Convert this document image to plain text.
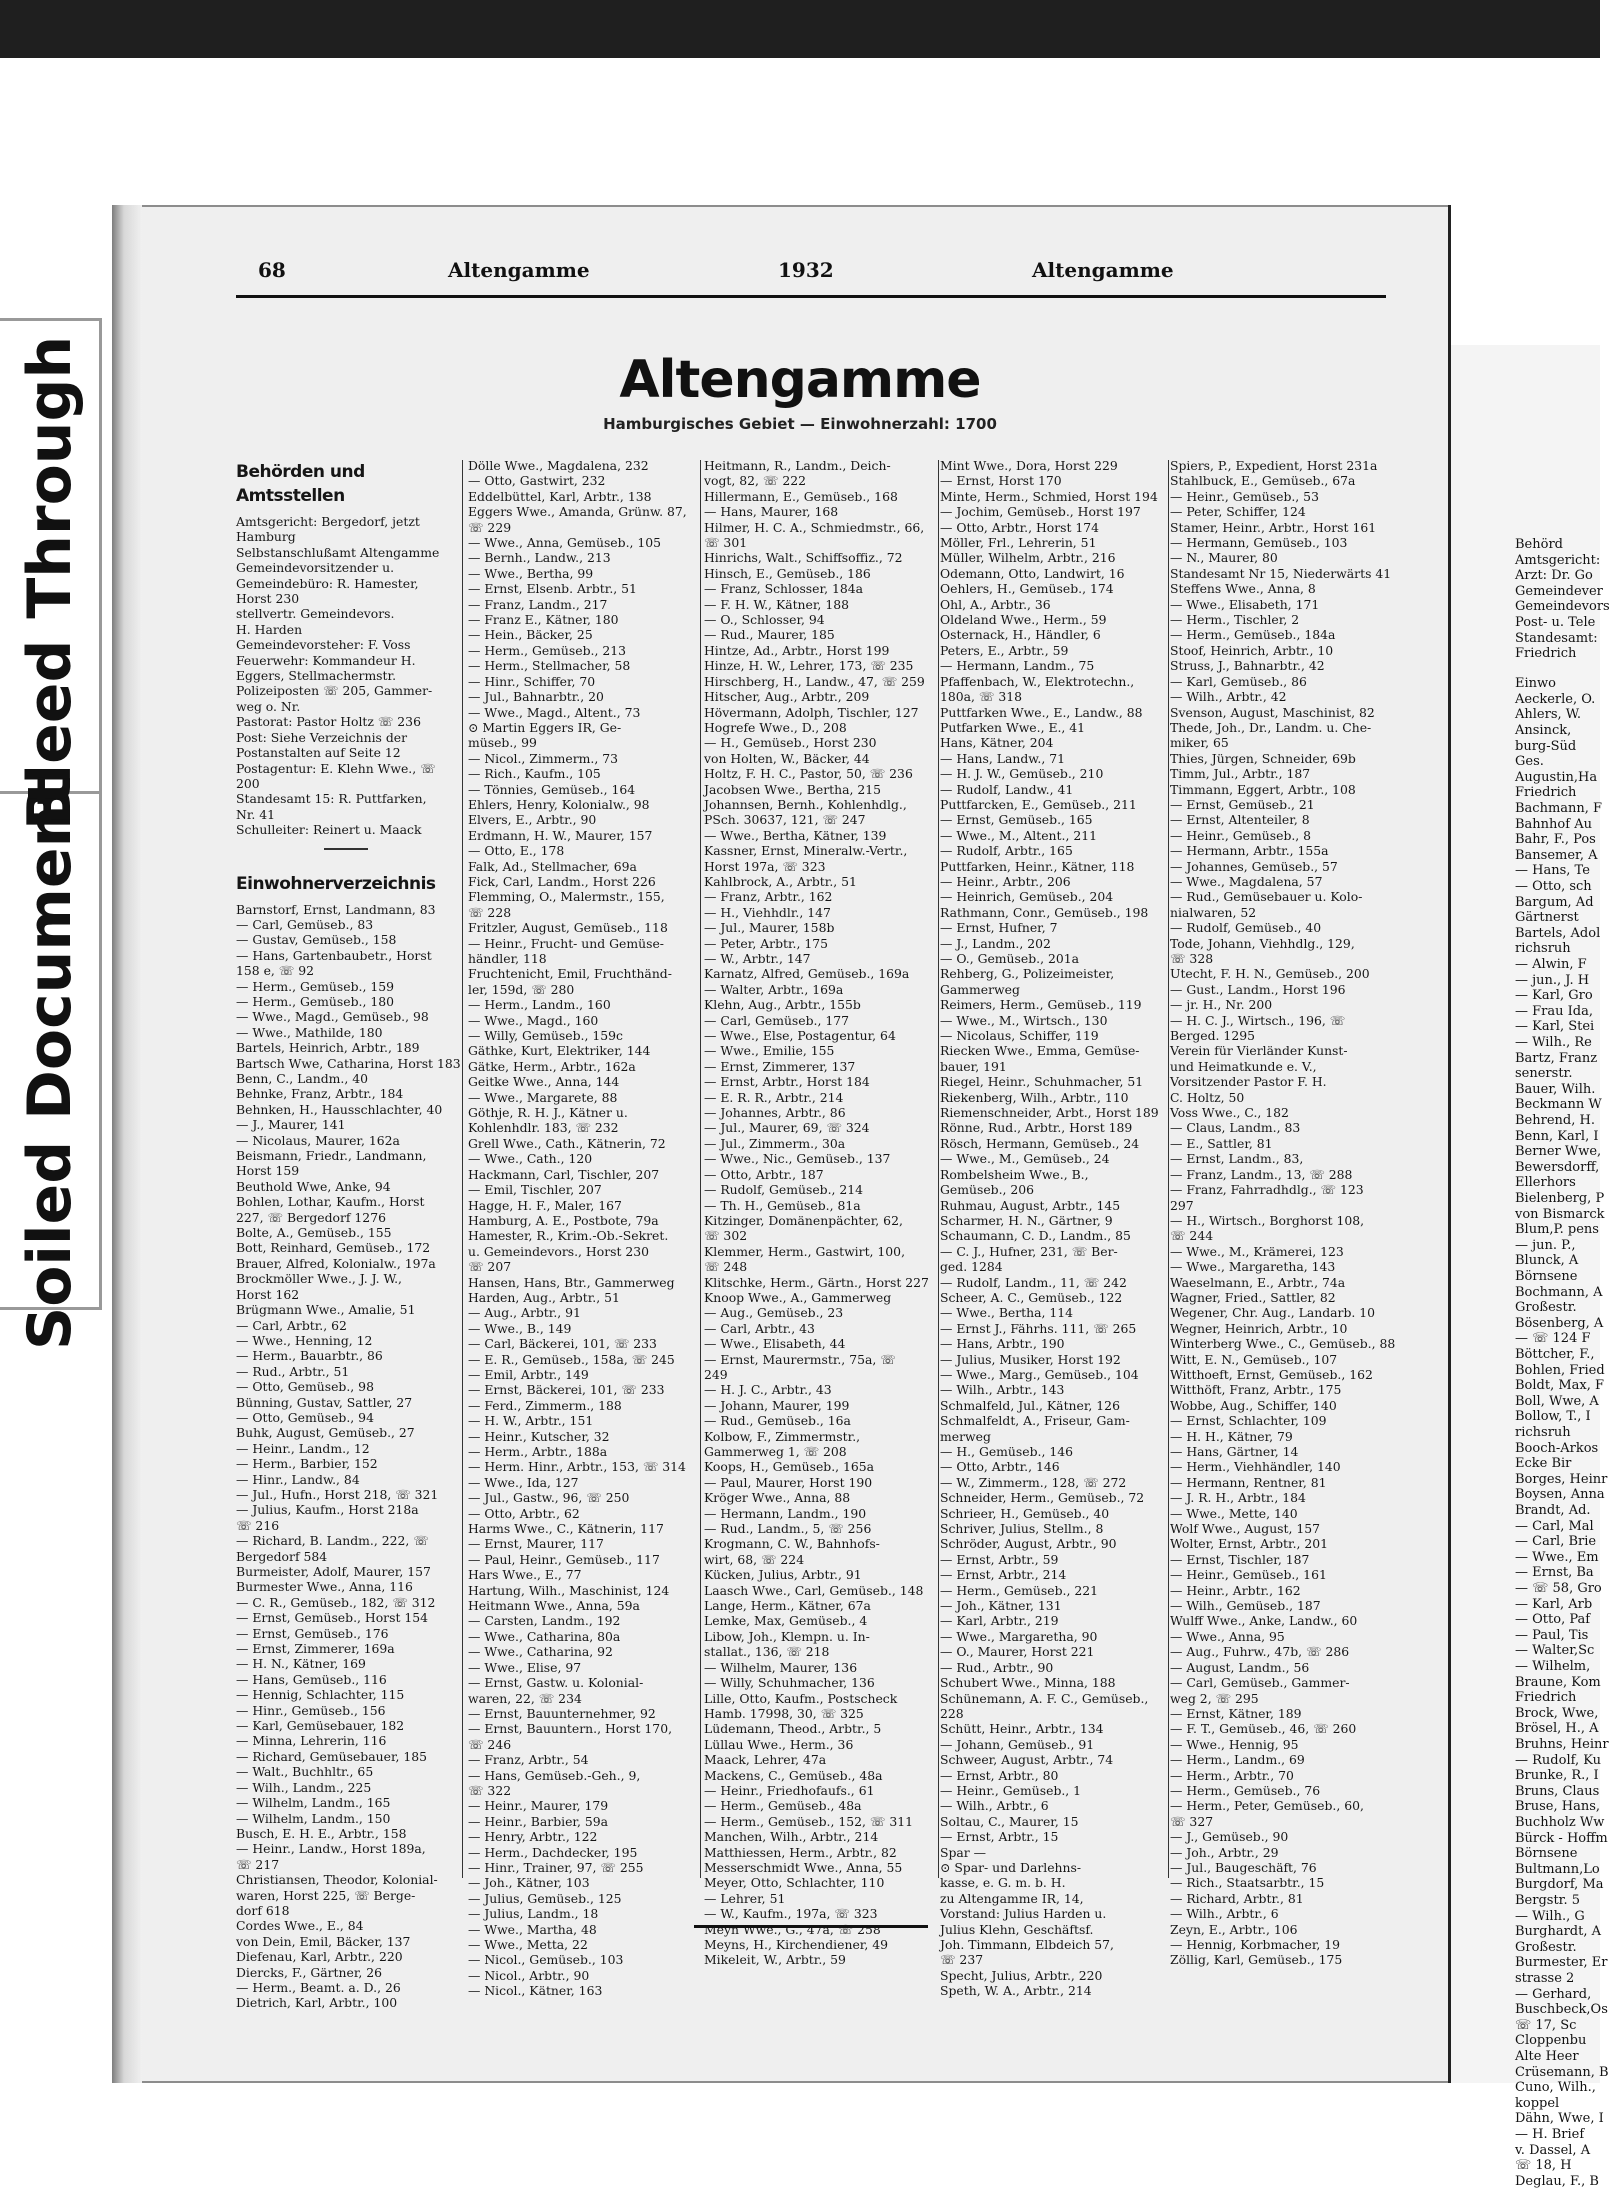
Bleed Through
Soiled Document
Behörd
Amtsgericht:
Arzt: Dr. Go
Gemeindever
Gemeindevors
Post- u. Tele
Standesamt:
Friedrich
Einwo
Aeckerle, O.
Ahlers, W.
Ansinck,
burg-Süd
Ges.
Augustin,Ha
Friedrich
Bachmann, F
Bahnhof Au
Bahr, F., Pos
Bansemer, A
— Hans, Te
— Otto, sch
Bargum, Ad
Gärtnerst
Bartels, Adol
richsruh
— Alwin, F
— jun., J. H
— Karl, Gro
— Frau Ida,
— Karl, Stei
— Wilh., Re
Bartz, Franz
senerstr.
Bauer, Wilh.
Beckmann W
Behrend, H.
Benn, Karl, I
Berner Wwe,
Bewersdorff,
Ellerhors
Bielenberg, P
von Bismarck
Blum,P. pens
— jun. P.,
Blunck, A
Börnsene
Bochmann, A
Großestr.
Bösenberg, A
— ☏ 124 F
Böttcher, F.,
Bohlen, Fried
Boldt, Max, F
Boll, Wwe, A
Bollow, T., I
richsruh
Booch-Arkos
Ecke Bir
Borges, Heinr
Boysen, Anna
Brandt, Ad.
— Carl, Mal
— Carl, Brie
— Wwe., Em
— Ernst, Ba
— ☏ 58, Gro
— Karl, Arb
— Otto, Paf
— Paul, Tis
— Walter,Sc
— Wilhelm,
Braune, Kom
Friedrich
Brock, Wwe,
Brösel, H., A
Bruhns, Heinr
— Rudolf, Ku
Brunke, R., I
Bruns, Claus
Bruse, Hans,
Buchholz Ww
Bürck - Hoffm
Börnsene
Bultmann,Lo
Burgdorf, Ma
Bergstr. 5
— Wilh., G
Burghardt, A
Großestr.
Burmester, Er
strasse 2
— Gerhard,
Buschbeck,Os
☏ 17, Sc
Cloppenbu
Alte Heer
Crüsemann, B
Cuno, Wilh.,
koppel
Dähn, Wwe, I
— H. Brief
v. Dassel, A
☏ 18, H
Deglau, F., B
68	Altengamme	1932	Altengamme
Altengamme
Hamburgisches Gebiet — Einwohnerzahl: 1700
Behörden und Amtsstellen
Amtsgericht: Bergedorf, jetzt
Hamburg
Selbstanschlußamt Altengamme
Gemeindevorsitzender u.
Gemeindebüro: R. Hamester,
Horst 230
stellvertr. Gemeindevors.
H. Harden
Gemeindevorsteher: F. Voss
Feuerwehr: Kommandeur H.
Eggers, Stellmachermstr.
Polizeiposten ☏ 205, Gammer-
weg o. Nr.
Pastorat: Pastor Holtz ☏ 236
Post: Siehe Verzeichnis der
Postanstalten auf Seite 12
Postagentur: E. Klehn Wwe., ☏
200
Standesamt 15: R. Puttfarken,
Nr. 41
Schulleiter: Reinert u. Maack
Einwohnerverzeichnis
Barnstorf, Ernst, Landmann, 83
— Carl, Gemüseb., 83
— Gustav, Gemüseb., 158
— Hans, Gartenbaubetr., Horst
158 e, ☏ 92
— Herm., Gemüseb., 159
— Herm., Gemüseb., 180
— Wwe., Magd., Gemüseb., 98
— Wwe., Mathilde, 180
Bartels, Heinrich, Arbtr., 189
Bartsch Wwe, Catharina, Horst 183
Benn, C., Landm., 40
Behnke, Franz, Arbtr., 184
Behnken, H., Hausschlachter, 40
— J., Maurer, 141
— Nicolaus, Maurer, 162a
Beismann, Friedr., Landmann,
Horst 159
Beuthold Wwe, Anke, 94
Bohlen, Lothar, Kaufm., Horst
227, ☏ Bergedorf 1276
Bolte, A., Gemüseb., 155
Bott, Reinhard, Gemüseb., 172
Brauer, Alfred, Kolonialw., 197a
Brockmöller Wwe., J. J. W.,
Horst 162
Brügmann Wwe., Amalie, 51
— Carl, Arbtr., 62
— Wwe., Henning, 12
— Herm., Bauarbtr., 86
— Rud., Arbtr., 51
— Otto, Gemüseb., 98
Bünning, Gustav, Sattler, 27
— Otto, Gemüseb., 94
Buhk, August, Gemüseb., 27
— Heinr., Landm., 12
— Herm., Barbier, 152
— Hinr., Landw., 84
— Jul., Hufn., Horst 218, ☏ 321
— Julius, Kaufm., Horst 218a
☏ 216
— Richard, B. Landm., 222, ☏
Bergedorf 584
Burmeister, Adolf, Maurer, 157
Burmester Wwe., Anna, 116
— C. R., Gemüseb., 182, ☏ 312
— Ernst, Gemüseb., Horst 154
— Ernst, Gemüseb., 176
— Ernst, Zimmerer, 169a
— H. N., Kätner, 169
— Hans, Gemüseb., 116
— Hennig, Schlachter, 115
— Hinr., Gemüseb., 156
— Karl, Gemüsebauer, 182
— Minna, Lehrerin, 116
— Richard, Gemüsebauer, 185
— Walt., Buchhltr., 65
— Wilh., Landm., 225
— Wilhelm, Landm., 165
— Wilhelm, Landm., 150
Busch, E. H. E., Arbtr., 158
— Heinr., Landw., Horst 189a,
☏ 217
Christiansen, Theodor, Kolonial-
waren, Horst 225, ☏ Berge-
dorf 618
Cordes Wwe., E., 84
von Dein, Emil, Bäcker, 137
Diefenau, Karl, Arbtr., 220
Diercks, F., Gärtner, 26
— Herm., Beamt. a. D., 26
Dietrich, Karl, Arbtr., 100
Dölle Wwe., Magdalena, 232
— Otto, Gastwirt, 232
Eddelbüttel, Karl, Arbtr., 138
Eggers Wwe., Amanda, Grünw. 87,
☏ 229
— Wwe., Anna, Gemüseb., 105
— Bernh., Landw., 213
— Wwe., Bertha, 99
— Ernst, Elsenb. Arbtr., 51
— Franz, Landm., 217
— Franz E., Kätner, 180
— Hein., Bäcker, 25
— Herm., Gemüseb., 213
— Herm., Stellmacher, 58
— Hinr., Schiffer, 70
— Jul., Bahnarbtr., 20
— Wwe., Magd., Altent., 73
⊙ Martin Eggers IR, Ge-
müseb., 99
— Nicol., Zimmerm., 73
— Rich., Kaufm., 105
— Tönnies, Gemüseb., 164
Ehlers, Henry, Kolonialw., 98
Elvers, E., Arbtr., 90
Erdmann, H. W., Maurer, 157
— Otto, E., 178
Falk, Ad., Stellmacher, 69a
Fick, Carl, Landm., Horst 226
Flemming, O., Malermstr., 155,
☏ 228
Fritzler, August, Gemüseb., 118
— Heinr., Frucht- und Gemüse-
händler, 118
Fruchtenicht, Emil, Fruchthänd-
ler, 159d, ☏ 280
— Herm., Landm., 160
— Wwe., Magd., 160
— Willy, Gemüseb., 159c
Gäthke, Kurt, Elektriker, 144
Gätke, Herm., Arbtr., 162a
Geitke Wwe., Anna, 144
— Wwe., Margarete, 88
Göthje, R. H. J., Kätner u.
Kohlenhdlr. 183, ☏ 232
Grell Wwe., Cath., Kätnerin, 72
— Wwe., Cath., 120
Hackmann, Carl, Tischler, 207
— Emil, Tischler, 207
Hagge, H. F., Maler, 167
Hamburg, A. E., Postbote, 79a
Hamester, R., Krim.-Ob.-Sekret.
u. Gemeindevors., Horst 230
☏ 207
Hansen, Hans, Btr., Gammerweg
Harden, Aug., Arbtr., 51
— Aug., Arbtr., 91
— Wwe., B., 149
— Carl, Bäckerei, 101, ☏ 233
— E. R., Gemüseb., 158a, ☏ 245
— Emil, Arbtr., 149
— Ernst, Bäckerei, 101, ☏ 233
— Ferd., Zimmerm., 188
— H. W., Arbtr., 151
— Heinr., Kutscher, 32
— Herm., Arbtr., 188a
— Herm. Hinr., Arbtr., 153, ☏ 314
— Wwe., Ida, 127
— Jul., Gastw., 96, ☏ 250
— Otto, Arbtr., 62
Harms Wwe., C., Kätnerin, 117
— Ernst, Maurer, 117
— Paul, Heinr., Gemüseb., 117
Hars Wwe., E., 77
Hartung, Wilh., Maschinist, 124
Heitmann Wwe., Anna, 59a
— Carsten, Landm., 192
— Wwe., Catharina, 80a
— Wwe., Catharina, 92
— Wwe., Elise, 97
— Ernst, Gastw. u. Kolonial-
waren, 22, ☏ 234
— Ernst, Bauunternehmer, 92
— Ernst, Bauuntern., Horst 170,
☏ 246
— Franz, Arbtr., 54
— Hans, Gemüseb.-Geh., 9,
☏ 322
— Heinr., Maurer, 179
— Heinr., Barbier, 59a
— Henry, Arbtr., 122
— Herm., Dachdecker, 195
— Hinr., Trainer, 97, ☏ 255
— Joh., Kätner, 103
— Julius, Gemüseb., 125
— Julius, Landm., 18
— Wwe., Martha, 48
— Wwe., Metta, 22
— Nicol., Gemüseb., 103
— Nicol., Arbtr., 90
— Nicol., Kätner, 163
Heitmann, R., Landm., Deich-
vogt, 82, ☏ 222
Hillermann, E., Gemüseb., 168
— Hans, Maurer, 168
Hilmer, H. C. A., Schmiedmstr., 66,
☏ 301
Hinrichs, Walt., Schiffsoffiz., 72
Hinsch, E., Gemüseb., 186
— Franz, Schlosser, 184a
— F. H. W., Kätner, 188
— O., Schlosser, 94
— Rud., Maurer, 185
Hintze, Ad., Arbtr., Horst 199
Hinze, H. W., Lehrer, 173, ☏ 235
Hirschberg, H., Landw., 47, ☏ 259
Hitscher, Aug., Arbtr., 209
Hövermann, Adolph, Tischler, 127
Hogrefe Wwe., D., 208
— H., Gemüseb., Horst 230
von Holten, W., Bäcker, 44
Holtz, F. H. C., Pastor, 50, ☏ 236
Jacobsen Wwe., Bertha, 215
Johannsen, Bernh., Kohlenhdlg.,
PSch. 30637, 121, ☏ 247
— Wwe., Bertha, Kätner, 139
Kassner, Ernst, Mineralw.-Vertr.,
Horst 197a, ☏ 323
Kahlbrock, A., Arbtr., 51
— Franz, Arbtr., 162
— H., Viehhdlr., 147
— Jul., Maurer, 158b
— Peter, Arbtr., 175
— W., Arbtr., 147
Karnatz, Alfred, Gemüseb., 169a
— Walter, Arbtr., 169a
Klehn, Aug., Arbtr., 155b
— Carl, Gemüseb., 177
— Wwe., Else, Postagentur, 64
— Wwe., Emilie, 155
— Ernst, Zimmerer, 137
— Ernst, Arbtr., Horst 184
— E. R. R., Arbtr., 214
— Johannes, Arbtr., 86
— Jul., Maurer, 69, ☏ 324
— Jul., Zimmerm., 30a
— Wwe., Nic., Gemüseb., 137
— Otto, Arbtr., 187
— Rudolf, Gemüseb., 214
— Th. H., Gemüseb., 81a
Kitzinger, Domänenpächter, 62,
☏ 302
Klemmer, Herm., Gastwirt, 100,
☏ 248
Klitschke, Herm., Gärtn., Horst 227
Knoop Wwe., A., Gammerweg
— Aug., Gemüseb., 23
— Carl, Arbtr., 43
— Wwe., Elisabeth, 44
— Ernst, Maurermstr., 75a, ☏
249
— H. J. C., Arbtr., 43
— Johann, Maurer, 199
— Rud., Gemüseb., 16a
Kolbow, F., Zimmermstr.,
Gammerweg 1, ☏ 208
Koops, H., Gemüseb., 165a
— Paul, Maurer, Horst 190
Kröger Wwe., Anna, 88
— Hermann, Landm., 190
— Rud., Landm., 5, ☏ 256
Krogmann, C. W., Bahnhofs-
wirt, 68, ☏ 224
Kücken, Julius, Arbtr., 91
Laasch Wwe., Carl, Gemüseb., 148
Lange, Herm., Kätner, 67a
Lemke, Max, Gemüseb., 4
Libow, Joh., Klempn. u. In-
stallat., 136, ☏ 218
— Wilhelm, Maurer, 136
— Willy, Schuhmacher, 136
Lille, Otto, Kaufm., Postscheck
Hamb. 17998, 30, ☏ 325
Lüdemann, Theod., Arbtr., 5
Lüllau Wwe., Herm., 36
Maack, Lehrer, 47a
Mackens, C., Gemüseb., 48a
— Heinr., Friedhofaufs., 61
— Herm., Gemüseb., 48a
— Herm., Gemüseb., 152, ☏ 311
Manchen, Wilh., Arbtr., 214
Matthiessen, Herm., Arbtr., 82
Messerschmidt Wwe., Anna, 55
Meyer, Otto, Schlachter, 110
— Lehrer, 51
— W., Kaufm., 197a, ☏ 323
Meyn Wwe., G., 47a, ☏ 258
Meyns, H., Kirchendiener, 49
Mikeleit, W., Arbtr., 59
Mint Wwe., Dora, Horst 229
— Ernst, Horst 170
Minte, Herm., Schmied, Horst 194
— Jochim, Gemüseb., Horst 197
— Otto, Arbtr., Horst 174
Möller, Frl., Lehrerin, 51
Müller, Wilhelm, Arbtr., 216
Odemann, Otto, Landwirt, 16
Oehlers, H., Gemüseb., 174
Ohl, A., Arbtr., 36
Oldeland Wwe., Herm., 59
Osternack, H., Händler, 6
Peters, E., Arbtr., 59
— Hermann, Landm., 75
Pfaffenbach, W., Elektrotechn.,
180a, ☏ 318
Puttfarken Wwe., E., Landw., 88
Putfarken Wwe., E., 41
Hans, Kätner, 204
— Hans, Landw., 71
— H. J. W., Gemüseb., 210
— Rudolf, Landw., 41
Puttfarcken, E., Gemüseb., 211
— Ernst, Gemüseb., 165
— Wwe., M., Altent., 211
— Rudolf, Arbtr., 165
Puttfarken, Heinr., Kätner, 118
— Heinr., Arbtr., 206
— Heinrich, Gemüseb., 204
Rathmann, Conr., Gemüseb., 198
— Ernst, Hufner, 7
— J., Landm., 202
— O., Gemüseb., 201a
Rehberg, G., Polizeimeister,
Gammerweg
Reimers, Herm., Gemüseb., 119
— Wwe., M., Wirtsch., 130
— Nicolaus, Schiffer, 119
Riecken Wwe., Emma, Gemüse-
bauer, 191
Riegel, Heinr., Schuhmacher, 51
Riekenberg, Wilh., Arbtr., 110
Riemenschneider, Arbt., Horst 189
Rönne, Rud., Arbtr., Horst 189
Rösch, Hermann, Gemüseb., 24
— Wwe., M., Gemüseb., 24
Rombelsheim Wwe., B.,
Gemüseb., 206
Ruhmau, August, Arbtr., 145
Scharmer, H. N., Gärtner, 9
Schaumann, C. D., Landm., 85
— C. J., Hufner, 231, ☏ Ber-
ged. 1284
— Rudolf, Landm., 11, ☏ 242
Scheer, A. C., Gemüseb., 122
— Wwe., Bertha, 114
— Ernst J., Fährhs. 111, ☏ 265
— Hans, Arbtr., 190
— Julius, Musiker, Horst 192
— Wwe., Marg., Gemüseb., 104
— Wilh., Arbtr., 143
Schmalfeld, Jul., Kätner, 126
Schmalfeldt, A., Friseur, Gam-
merweg
— H., Gemüseb., 146
— Otto, Arbtr., 146
— W., Zimmerm., 128, ☏ 272
Schneider, Herm., Gemüseb., 72
Schrieer, H., Gemüseb., 40
Schriver, Julius, Stellm., 8
Schröder, August, Arbtr., 90
— Ernst, Arbtr., 59
— Ernst, Arbtr., 214
— Herm., Gemüseb., 221
— Joh., Kätner, 131
— Karl, Arbtr., 219
— Wwe., Margaretha, 90
— O., Maurer, Horst 221
— Rud., Arbtr., 90
Schubert Wwe., Minna, 188
Schünemann, A. F. C., Gemüseb.,
228
Schütt, Heinr., Arbtr., 134
— Johann, Gemüseb., 91
Schweer, August, Arbtr., 74
— Ernst, Arbtr., 80
— Heinr., Gemüseb., 1
— Wilh., Arbtr., 6
Soltau, C., Maurer, 15
— Ernst, Arbtr., 15
Spar —
⊙ Spar- und Darlehns-
kasse, e. G. m. b. H.
zu Altengamme IR, 14,
Vorstand: Julius Harden u.
Julius Klehn, Geschäftsf.
Joh. Timmann, Elbdeich 57,
☏ 237
Specht, Julius, Arbtr., 220
Speth, W. A., Arbtr., 214
Spiers, P., Expedient, Horst 231a
Stahlbuck, E., Gemüseb., 67a
— Heinr., Gemüseb., 53
— Peter, Schiffer, 124
Stamer, Heinr., Arbtr., Horst 161
— Hermann, Gemüseb., 103
— N., Maurer, 80
Standesamt Nr 15, Niederwärts 41
Steffens Wwe., Anna, 8
— Wwe., Elisabeth, 171
— Herm., Tischler, 2
— Herm., Gemüseb., 184a
Stoof, Heinrich, Arbtr., 10
Struss, J., Bahnarbtr., 42
— Karl, Gemüseb., 86
— Wilh., Arbtr., 42
Svenson, August, Maschinist, 82
Thede, Joh., Dr., Landm. u. Che-
miker, 65
Thies, Jürgen, Schneider, 69b
Timm, Jul., Arbtr., 187
Timmann, Eggert, Arbtr., 108
— Ernst, Gemüseb., 21
— Ernst, Altenteiler, 8
— Heinr., Gemüseb., 8
— Hermann, Arbtr., 155a
— Johannes, Gemüseb., 57
— Wwe., Magdalena, 57
— Rud., Gemüsebauer u. Kolo-
nialwaren, 52
— Rudolf, Gemüseb., 40
Tode, Johann, Viehhdlg., 129,
☏ 328
Utecht, F. H. N., Gemüseb., 200
— Gust., Landm., Horst 196
— jr. H., Nr. 200
— H. C. J., Wirtsch., 196, ☏
Berged. 1295
Verein für Vierländer Kunst-
und Heimatkunde e. V.,
Vorsitzender Pastor F. H.
C. Holtz, 50
Voss Wwe., C., 182
— Claus, Landm., 83
— E., Sattler, 81
— Ernst, Landm., 83,
— Franz, Landm., 13, ☏ 288
— Franz, Fahrradhdlg., ☏ 123
297
— H., Wirtsch., Borghorst 108,
☏ 244
— Wwe., M., Krämerei, 123
— Wwe., Margaretha, 143
Waeselmann, E., Arbtr., 74a
Wagner, Fried., Sattler, 82
Wegener, Chr. Aug., Landarb. 10
Wegner, Heinrich, Arbtr., 10
Winterberg Wwe., C., Gemüseb., 88
Witt, E. N., Gemüseb., 107
Witthoeft, Ernst, Gemüseb., 162
Witthöft, Franz, Arbtr., 175
Wobbe, Aug., Schiffer, 140
— Ernst, Schlachter, 109
— H. H., Kätner, 79
— Hans, Gärtner, 14
— Herm., Viehhändler, 140
— Hermann, Rentner, 81
— J. R. H., Arbtr., 184
— Wwe., Mette, 140
Wolf Wwe., August, 157
Wolter, Ernst, Arbtr., 201
— Ernst, Tischler, 187
— Heinr., Gemüseb., 161
— Heinr., Arbtr., 162
— Wilh., Gemüseb., 187
Wulff Wwe., Anke, Landw., 60
— Wwe., Anna, 95
— Aug., Fuhrw., 47b, ☏ 286
— August, Landm., 56
— Carl, Gemüseb., Gammer-
weg 2, ☏ 295
— Ernst, Kätner, 189
— F. T., Gemüseb., 46, ☏ 260
— Wwe., Hennig, 95
— Herm., Landm., 69
— Herm., Arbtr., 70
— Herm., Gemüseb., 76
— Herm., Peter, Gemüseb., 60,
☏ 327
— J., Gemüseb., 90
— Joh., Arbtr., 29
— Jul., Baugeschäft, 76
— Rich., Staatsarbtr., 15
— Richard, Arbtr., 81
— Wilh., Arbtr., 6
Zeyn, E., Arbtr., 106
— Hennig, Korbmacher, 19
Zöllig, Karl, Gemüseb., 175
